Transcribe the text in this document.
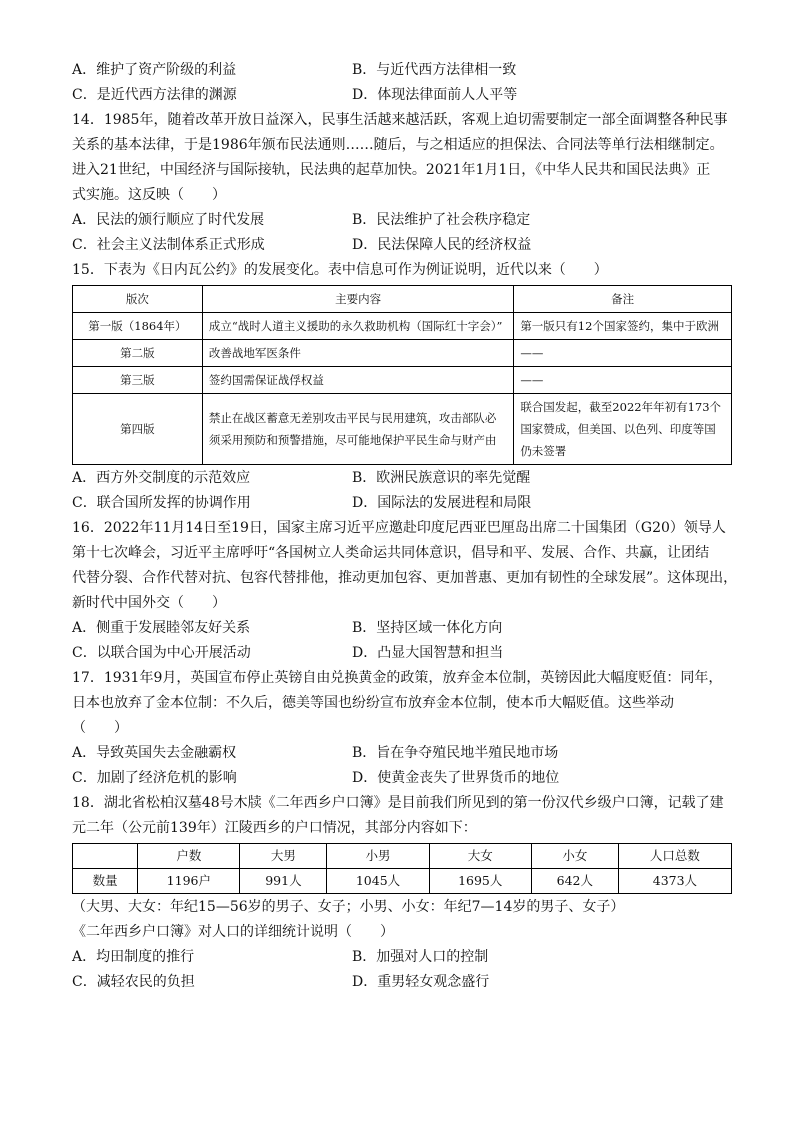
A．维护了资产阶级的利益	B．与近代西方法律相一致
C．是近代西方法律的渊源	D．体现法律面前人人平等
14．1985年，随着改革开放日益深入，民事生活越来越活跃，客观上迫切需要制定一部全面调整各种民事
关系的基本法律，于是1986年颁布民法通则……随后，与之相适应的担保法、合同法等单行法相继制定。
进入21世纪，中国经济与国际接轨，民法典的起草加快。2021年1月1日，《中华人民共和国民法典》正
式实施。这反映（　　）
A．民法的颁行顺应了时代发展	B．民法维护了社会秩序稳定
C．社会主义法制体系正式形成	D．民法保障人民的经济权益
15．下表为《日内瓦公约》的发展变化。表中信息可作为例证说明，近代以来（　　）
版次	主要内容	备注
第一版（1864年）	成立“战时人道主义援助的永久救助机构（国际红十字会）”	第一版只有12个国家签约，集中于欧洲
第二版	改善战地军医条件	——
第三版	签约国需保证战俘权益	——
第四版	禁止在战区蓄意无差别攻击平民与民用建筑，攻击部队必须采用预防和预警措施，尽可能地保护平民生命与财产由	联合国发起，截至2022年年初有173个国家赞成，但美国、以色列、印度等国仍未签署
A．西方外交制度的示范效应	B．欧洲民族意识的率先觉醒
C．联合国所发挥的协调作用	D．国际法的发展进程和局限
16．2022年11月14日至19日，国家主席习近平应邀赴印度尼西亚巴厘岛出席二十国集团（G20）领导人
第十七次峰会，习近平主席呼吁“各国树立人类命运共同体意识，倡导和平、发展、合作、共赢，让团结
代替分裂、合作代替对抗、包容代替排他，推动更加包容、更加普惠、更加有韧性的全球发展”。这体现出，
新时代中国外交（　　）
A．侧重于发展睦邻友好关系	B．坚持区域一体化方向
C．以联合国为中心开展活动	D．凸显大国智慧和担当
17．1931年9月，英国宣布停止英镑自由兑换黄金的政策，放弃金本位制，英镑因此大幅度贬值：同年，
日本也放弃了金本位制：不久后，德美等国也纷纷宣布放弃金本位制，使本币大幅贬值。这些举动
（　　）
A．导致英国失去金融霸权	B．旨在争夺殖民地半殖民地市场
C．加剧了经济危机的影响	D．使黄金丧失了世界货币的地位
18．湖北省松柏汉墓48号木牍《二年西乡户口簿》是目前我们所见到的第一份汉代乡级户口簿，记载了建
元二年（公元前139年）江陵西乡的户口情况，其部分内容如下：
	户数	大男	小男	大女	小女	人口总数
数量	1196户	991人	1045人	1695人	642人	4373人
（大男、大女：年纪15—56岁的男子、女子；小男、小女：年纪7—14岁的男子、女子）
《二年西乡户口簿》对人口的详细统计说明（　　）
A．均田制度的推行	B．加强对人口的控制
C．减轻农民的负担	D．重男轻女观念盛行
